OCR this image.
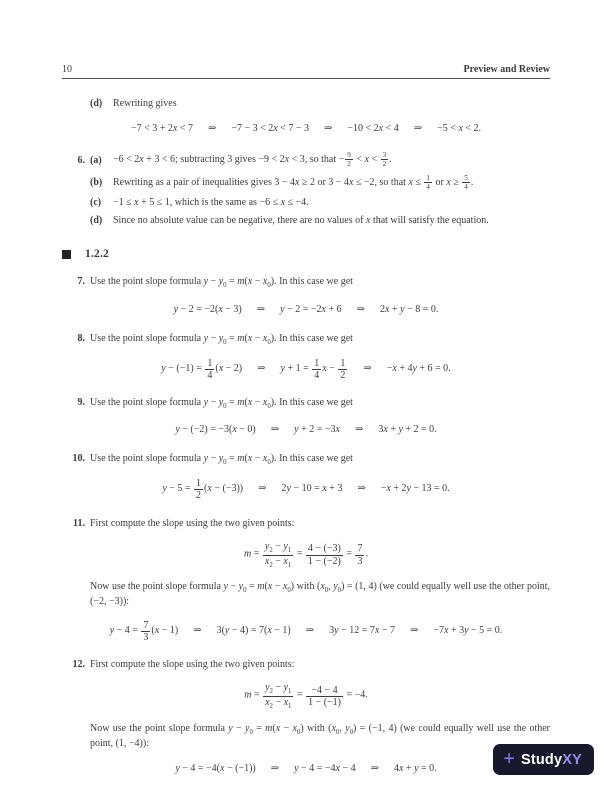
10	Preview and Review
(d)	Rewriting gives
−7 < 3 + 2x < 7  ⇒  −7 − 3 < 2x < 7 − 3  ⇒  −10 < 2x < 4  ⇒  −5 < x < 2.
6. (a)	−6 < 2x + 3 < 6; subtracting 3 gives −9 < 2x < 3, so that − $\frac{9}{2} < x < \frac{3}{2}$ .
(b)	Rewriting as a pair of inequalities gives 3 − 4x ≥ 2 or 3 − 4x ≤ −2, so that $x \le \frac{1}{4}$ or $x \ge \frac{5}{4}$ .
(c)	−1 ≤ x + 5 ≤ 1, which is the same as −6 ≤ x ≤ −4.
(d)	Since no absolute value can be negative, there are no values of x that will satisfy the equation.
1.2.2
7. Use the point slope formula $y - y_0 = m(x - x_0)$. In this case we get
y − 2 = −2(x − 3)  ⇒  y − 2 = −2x + 6  ⇒  2x + y − 8 = 0.
8. Use the point slope formula $y - y_0 = m(x - x_0)$. In this case we get
$y - (-1) = \frac{1}{4} (x - 2)$  ⇒  $y + 1 = \frac{1}{4}$ $x - \frac{1}{2}$   ⇒  −x + 4y + 6 = 0.
9. Use the point slope formula $y - y_0 = m(x - x_0)$. In this case we get
y − (−2) = −3(x − 0)  ⇒  y + 2 = −3x  ⇒  3x + y + 2 = 0.
10. Use the point slope formula $y - y_0 = m(x - x_0)$. In this case we get
$y - 5 = \frac{1}{2} (x - (-3))$  ⇒  2y − 10 = x + 3  ⇒  −x + 2y − 13 = 0.
11. First compute the slope using the two given points:
$m = \frac{y_2 - y_1}{x_2 - x_1} = \frac{4 - (-3)}{1 - (-2)} = \frac{7}{3}$ .
Now use the point slope formula $y - y_0 = m(x - x_0)$ with ($x_0$, $y_0) = (1$, 4) (we could equally well use the other point, (−2, −3)):
$y - 4 = \frac{7}{3} (x - 1)$  ⇒  3(y − 4) = 7(x − 1)  ⇒  3y − 12 = 7x − 7  ⇒  −7x + 3y − 5 = 0.
12. First compute the slope using the two given points:
$m = \frac{y_2 - y_1}{x_2 - x_1} = \frac{-4 - 4}{1 - (-1)} = -4$.
Now use the point slope formula $y - y_0 = m(x - x_0)$ with ($x_0$, $y_0) = (-1$, 4) (we could equally well use the other point, (1, −4)):
y − 4 = −4(x − (−1))  ⇒  y − 4 = −4x − 4  ⇒  4x + y = 0.	+ Study XY
